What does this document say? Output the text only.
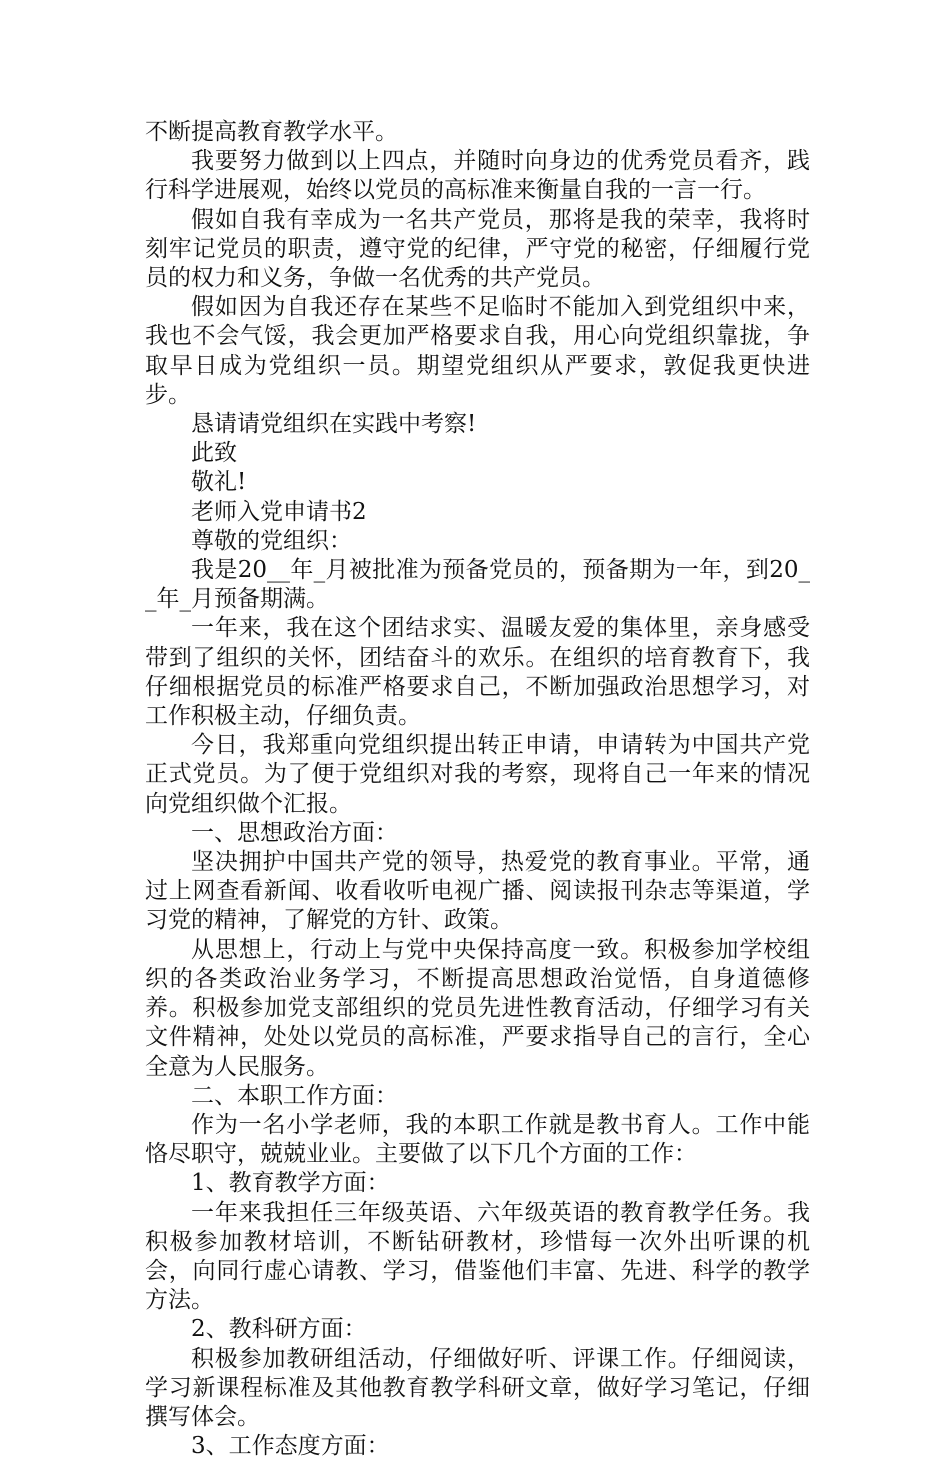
不断提高教育教学水平。

我要努力做到以上四点，并随时向身边的优秀党员看齐，践行科学进展观，始终以党员的高标准来衡量自我的一言一行。

假如自我有幸成为一名共产党员，那将是我的荣幸，我将时刻牢记党员的职责，遵守党的纪律，严守党的秘密，仔细履行党员的权力和义务，争做一名优秀的共产党员。

假如因为自我还存在某些不足临时不能加入到党组织中来，我也不会气馁，我会更加严格要求自我，用心向党组织靠拢，争取早日成为党组织一员。期望党组织从严要求，敦促我更快进步。

恳请请党组织在实践中考察!

此致

敬礼!

老师入党申请书2

尊敬的党组织：

我是20__年_月被批准为预备党员的，预备期为一年，到20__年_月预备期满。

一年来，我在这个团结求实、温暖友爱的集体里，亲身感受带到了组织的关怀，团结奋斗的欢乐。在组织的培育教育下，我仔细根据党员的标准严格要求自己，不断加强政治思想学习，对工作积极主动，仔细负责。

今日，我郑重向党组织提出转正申请，申请转为中国共产党正式党员。为了便于党组织对我的考察，现将自己一年来的情况向党组织做个汇报。

一、思想政治方面：

坚决拥护中国共产党的领导，热爱党的教育事业。平常，通过上网查看新闻、收看收听电视广播、阅读报刊杂志等渠道，学习党的精神，了解党的方针、政策。

从思想上，行动上与党中央保持高度一致。积极参加学校组织的各类政治业务学习，不断提高思想政治觉悟，自身道德修养。积极参加党支部组织的党员先进性教育活动，仔细学习有关文件精神，处处以党员的高标准，严要求指导自己的言行，全心全意为人民服务。

二、本职工作方面：

作为一名小学老师，我的本职工作就是教书育人。工作中能恪尽职守，兢兢业业。主要做了以下几个方面的工作：

1、教育教学方面：

一年来我担任三年级英语、六年级英语的教育教学任务。我积极参加教材培训，不断钻研教材，珍惜每一次外出听课的机会，向同行虚心请教、学习，借鉴他们丰富、先进、科学的教学方法。

2、教科研方面：

积极参加教研组活动，仔细做好听、评课工作。仔细阅读，学习新课程标准及其他教育教学科研文章，做好学习笔记，仔细撰写体会。

3、工作态度方面：
